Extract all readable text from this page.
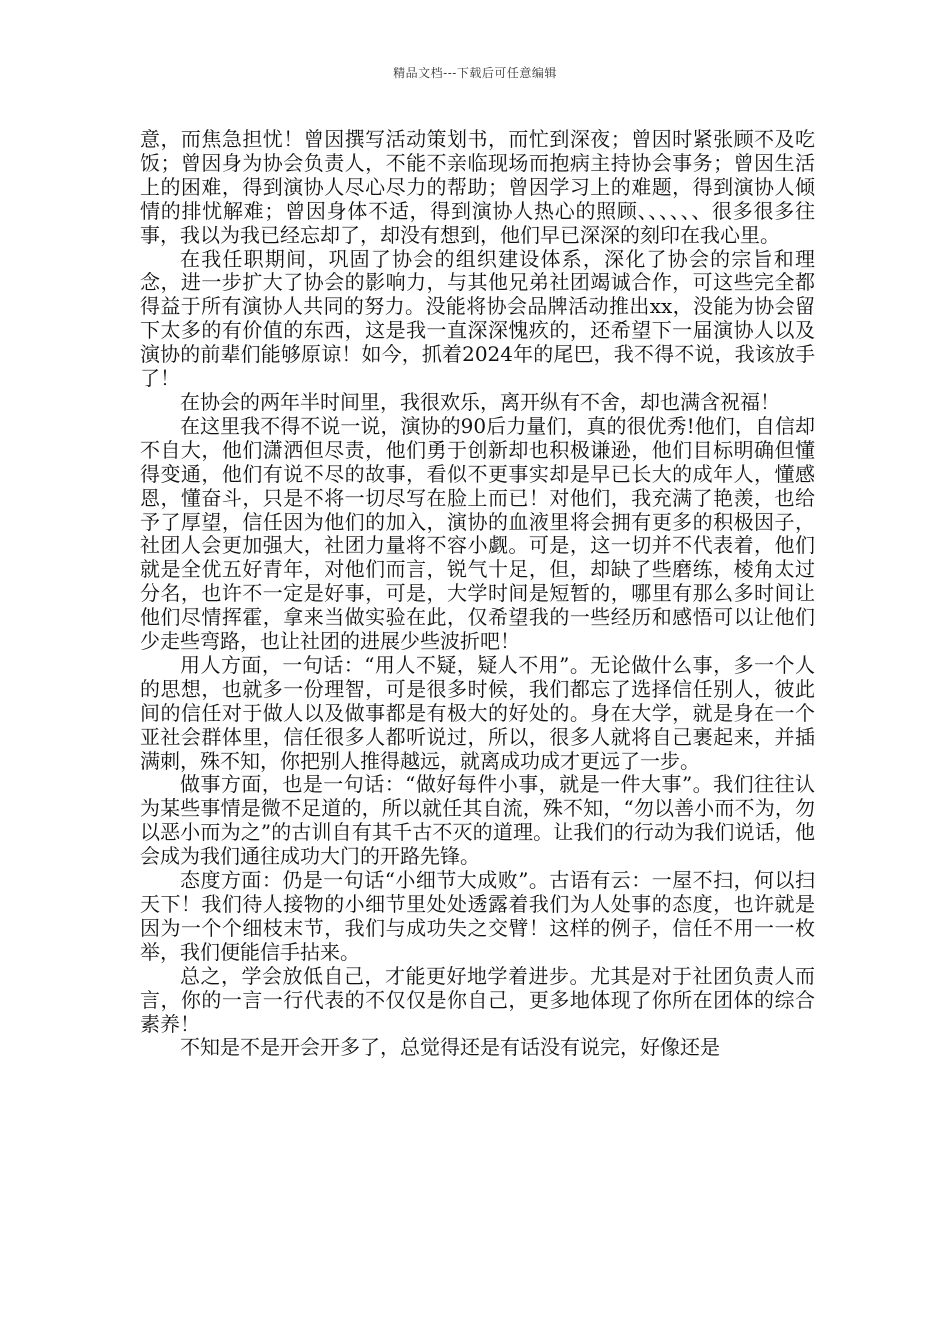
精品文档---下载后可任意编辑

意，而焦急担忧！曾因撰写活动策划书，而忙到深夜；曾因时紧张顾不及吃饭；曾因身为协会负责人，不能不亲临现场而抱病主持协会事务；曾因生活上的困难，得到演协人尽心尽力的帮助；曾因学习上的难题，得到演协人倾情的排忧解难；曾因身体不适，得到演协人热心的照顾、、、、、、很多很多往事，我以为我已经忘却了，却没有想到，他们早已深深的刻印在我心里。

在我任职期间，巩固了协会的组织建设体系，深化了协会的宗旨和理念，进一步扩大了协会的影响力，与其他兄弟社团竭诚合作，可这些完全都得益于所有演协人共同的努力。没能将协会品牌活动推出xx，没能为协会留下太多的有价值的东西，这是我一直深深愧疚的，还希望下一届演协人以及演协的前辈们能够原谅！如今，抓着2024年的尾巴，我不得不说，我该放手了！

在协会的两年半时间里，我很欢乐，离开纵有不舍，却也满含祝福！

在这里我不得不说一说，演协的90后力量们，真的很优秀!他们，自信却不自大，他们潇洒但尽责，他们勇于创新却也积极谦逊，他们目标明确但懂得变通，他们有说不尽的故事，看似不更事实却是早已长大的成年人，懂感恩，懂奋斗，只是不将一切尽写在脸上而已！对他们，我充满了艳羡，也给予了厚望，信任因为他们的加入，演协的血液里将会拥有更多的积极因子，社团人会更加强大，社团力量将不容小觑。可是，这一切并不代表着，他们就是全优五好青年，对他们而言，锐气十足，但，却缺了些磨练，棱角太过分名，也许不一定是好事，可是，大学时间是短暂的，哪里有那么多时间让他们尽情挥霍，拿来当做实验在此，仅希望我的一些经历和感悟可以让他们少走些弯路，也让社团的进展少些波折吧！

用人方面，一句话：“用人不疑，疑人不用”。无论做什么事，多一个人的思想，也就多一份理智，可是很多时候，我们都忘了选择信任别人，彼此间的信任对于做人以及做事都是有极大的好处的。身在大学，就是身在一个亚社会群体里，信任很多人都听说过，所以，很多人就将自己裹起来，并插满刺，殊不知，你把别人推得越远，就离成功成才更远了一步。

做事方面，也是一句话：“做好每件小事，就是一件大事”。我们往往认为某些事情是微不足道的，所以就任其自流，殊不知，“勿以善小而不为，勿以恶小而为之”的古训自有其千古不灭的道理。让我们的行动为我们说话，他会成为我们通往成功大门的开路先锋。

态度方面：仍是一句话“小细节大成败”。古语有云：一屋不扫，何以扫天下！我们待人接物的小细节里处处透露着我们为人处事的态度，也许就是因为一个个细枝末节，我们与成功失之交臂！这样的例子，信任不用一一枚举，我们便能信手拈来。

总之，学会放低自己，才能更好地学着进步。尤其是对于社团负责人而言，你的一言一行代表的不仅仅是你自己，更多地体现了你所在团体的综合素养！

不知是不是开会开多了，总觉得还是有话没有说完，好像还是
